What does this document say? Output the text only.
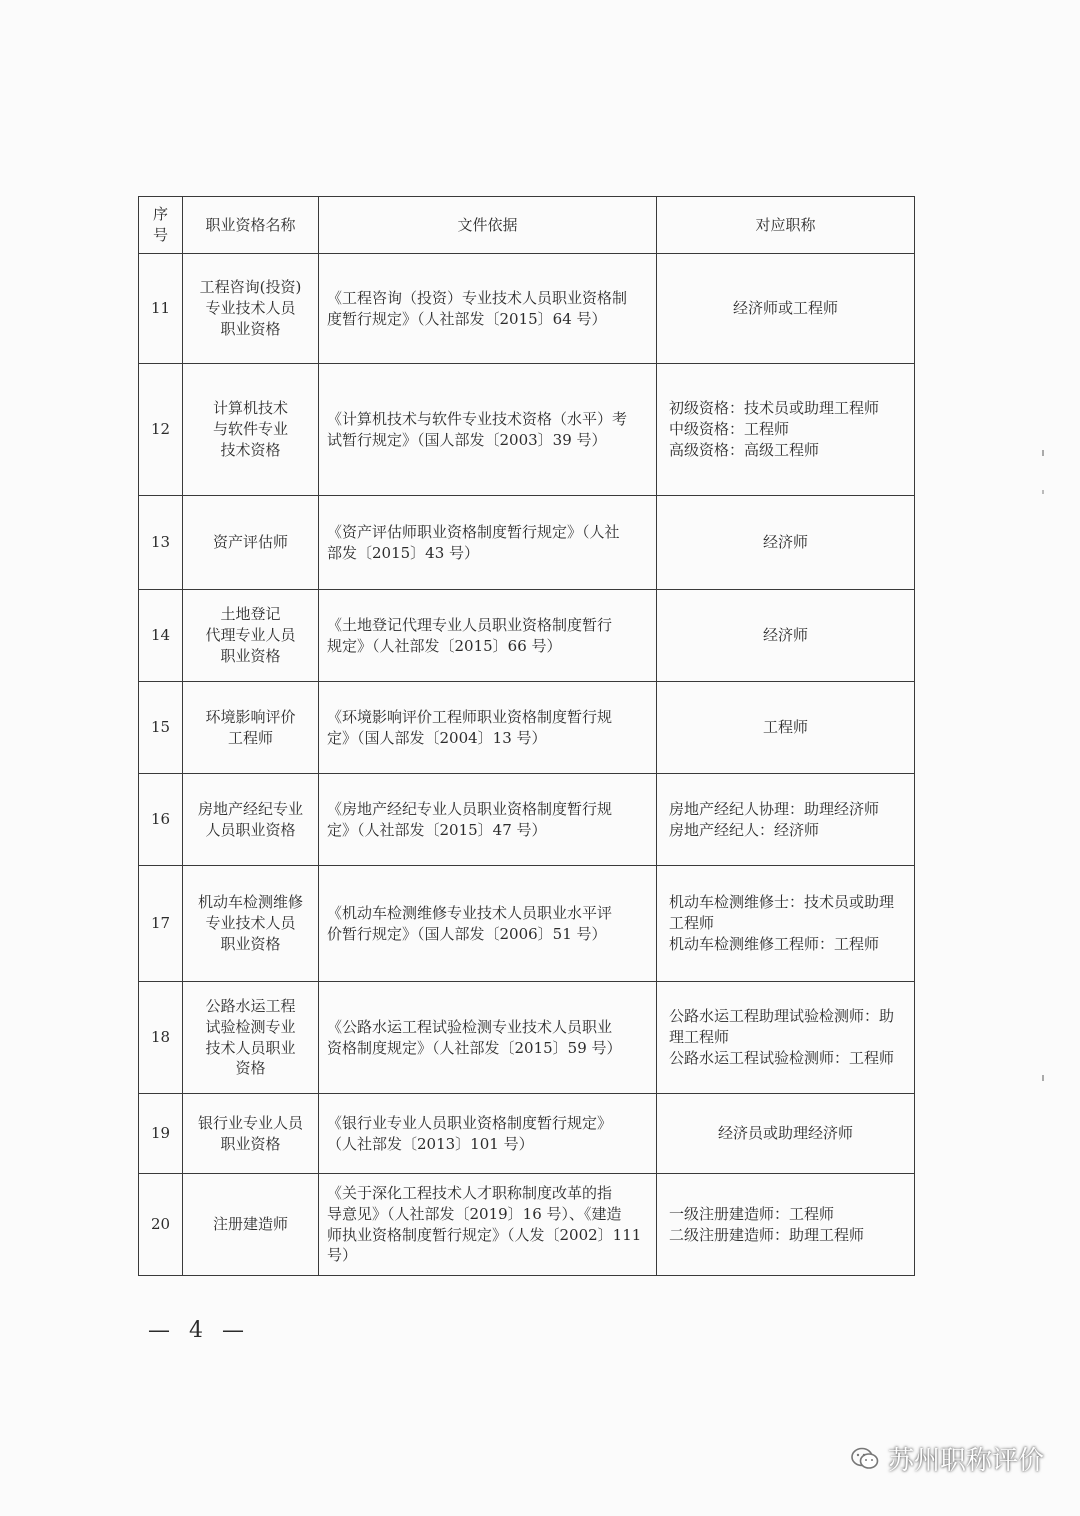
序号	职业资格名称	文件依据	对应职称
11	工程咨询(投资)
专业技术人员
职业资格	《工程咨询（投资）专业技术人员职业资格制
度暂行规定》（人社部发〔2015〕64 号）	经济师或工程师

12	计算机技术
与软件专业
技术资格	《计算机技术与软件专业技术资格（水平）考
试暂行规定》（国人部发〔2003〕39 号）	初级资格：技术员或助理工程师
中级资格：工程师
高级资格：高级工程师

13	资产评估师	《资产评估师职业资格制度暂行规定》（人社
部发〔2015〕43 号）	经济师

14	土地登记
代理专业人员
职业资格	《土地登记代理专业人员职业资格制度暂行
规定》（人社部发〔2015〕66 号）	经济师

15	环境影响评价
工程师	《环境影响评价工程师职业资格制度暂行规
定》（国人部发〔2004〕13 号）	工程师

16	房地产经纪专业
人员职业资格	《房地产经纪专业人员职业资格制度暂行规
定》（人社部发〔2015〕47 号）	房地产经纪人协理：助理经济师
房地产经纪人：经济师

17	机动车检测维修
专业技术人员
职业资格	《机动车检测维修专业技术人员职业水平评
价暂行规定》（国人部发〔2006〕51 号）	机动车检测维修士：技术员或助理
工程师
机动车检测维修工程师：工程师

18	公路水运工程
试验检测专业
技术人员职业
资格	《公路水运工程试验检测专业技术人员职业
资格制度规定》（人社部发〔2015〕59 号）	公路水运工程助理试验检测师：助
理工程师
公路水运工程试验检测师：工程师

19	银行业专业人员
职业资格	《银行业专业人员职业资格制度暂行规定》
（人社部发〔2013〕101 号）	经济员或助理经济师

20	注册建造师	《关于深化工程技术人才职称制度改革的指
导意见》（人社部发〔2019〕16 号）、《建造
师执业资格制度暂行规定》（人发〔2002〕111
号）	一级注册建造师：工程师
二级注册建造师：助理工程师
— 4 —
苏州职称评价
